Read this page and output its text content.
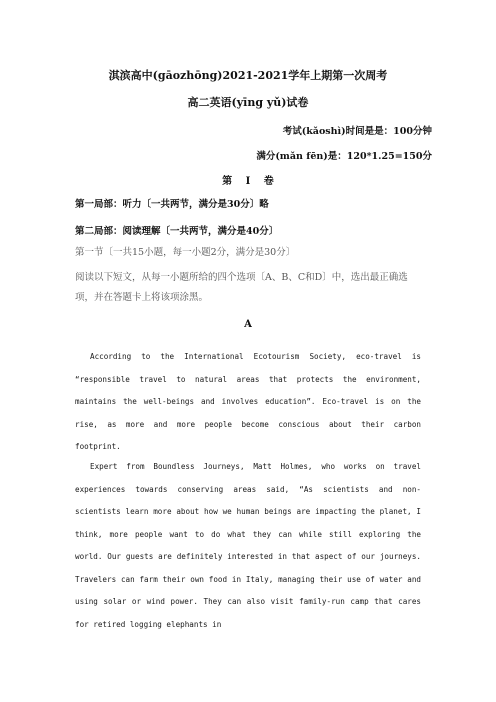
淇滨高中(gāozhōng)2021-2021学年上期第一次周考
高二英语(yīng yǔ)试卷
考试(kǎoshì)时间是是：100分钟
满分(mǎn fēn)是：120*1.25=150分
第 I 卷
第一局部：听力〔一共两节，满分是30分〕略
第二局部：阅读理解〔一共两节，满分是40分〕
第一节〔一共15小题，每一小题2分，满分是30分〕
阅读以下短文，从每一小题所给的四个选项〔A、B、C和D〕中，选出最正确选项，并在答题卡上将该项涂黑。
A
According to the International Ecotourism Society, eco-travel is “responsible travel to natural areas that protects the environment, maintains the well-beings and involves education”. Eco-travel is on the rise, as more and more people become conscious about their carbon footprint.
Expert from Boundless Journeys, Matt Holmes, who works on travel experiences towards conserving areas said, “As scientists and non-scientists learn more about how we human beings are impacting the planet, I think, more people want to do what they can while still exploring the world. Our guests are definitely interested in that aspect of our journeys. Travelers can farm their own food in Italy, managing their use of water and using solar or wind power. They can also visit family-run camp that cares for retired logging elephants in
